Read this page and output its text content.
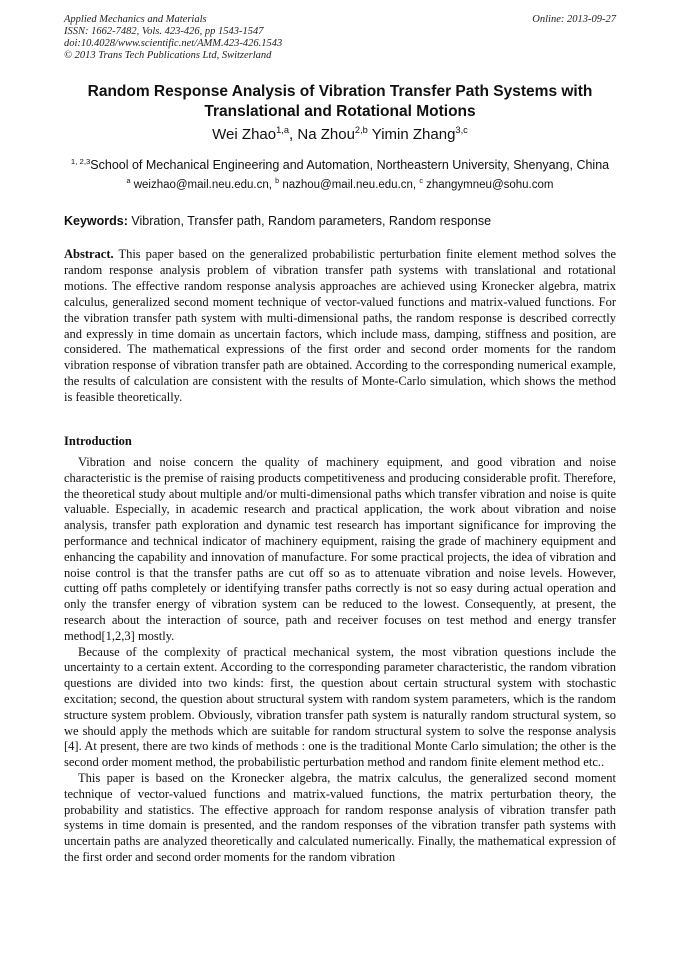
Applied Mechanics and Materials
ISSN: 1662-7482, Vols. 423-426, pp 1543-1547
doi:10.4028/www.scientific.net/AMM.423-426.1543
© 2013 Trans Tech Publications Ltd, Switzerland
Online: 2013-09-27
Random Response Analysis of Vibration Transfer Path Systems with
Translational and Rotational Motions
Wei Zhao$^{1,a}$, Na Zhou$^{2,b}$ Yimin Zhang$^{3,c}$
$^{1, 2,3}$School of Mechanical Engineering and Automation, Northeastern University, Shenyang, China
$^a$ weizhao@mail.neu.edu.cn, $^b$ nazhou@mail.neu.edu.cn, $^c$ zhangymneu@sohu.com
Keywords: Vibration, Transfer path, Random parameters, Random response
Abstract. This paper based on the generalized probabilistic perturbation finite element method solves the random response analysis problem of vibration transfer path systems with translational and rotational motions. The effective random response analysis approaches are achieved using Kronecker algebra, matrix calculus, generalized second moment technique of vector-valued functions and matrix-valued functions. For the vibration transfer path system with multi-dimensional paths, the random response is described correctly and expressly in time domain as uncertain factors, which include mass, damping, stiffness and position, are considered. The mathematical expressions of the first order and second order moments for the random vibration response of vibration transfer path are obtained. According to the corresponding numerical example, the results of calculation are consistent with the results of Monte-Carlo simulation, which shows the method is feasible theoretically.
Introduction

Vibration and noise concern the quality of machinery equipment, and good vibration and noise characteristic is the premise of raising products competitiveness and producing considerable profit. Therefore, the theoretical study about multiple and/or multi-dimensional paths which transfer vibration and noise is quite valuable. Especially, in academic research and practical application, the work about vibration and noise analysis, transfer path exploration and dynamic test research has important significance for improving the performance and technical indicator of machinery equipment, raising the grade of machinery equipment and enhancing the capability and innovation of manufacture. For some practical projects, the idea of vibration and noise control is that the transfer paths are cut off so as to attenuate vibration and noise levels. However, cutting off paths completely or identifying transfer paths correctly is not so easy during actual operation and only the transfer energy of vibration system can be reduced to the lowest. Consequently, at present, the research about the interaction of source, path and receiver focuses on test method and energy transfer method[1,2,3] mostly.

Because of the complexity of practical mechanical system, the most vibration questions include the uncertainty to a certain extent. According to the corresponding parameter characteristic, the random vibration questions are divided into two kinds: first, the question about certain structural system with stochastic excitation; second, the question about structural system with random system parameters, which is the random structure system problem. Obviously, vibration transfer path system is naturally random structural system, so we should apply the methods which are suitable for random structural system to solve the response analysis [4]. At present, there are two kinds of methods : one is the traditional Monte Carlo simulation; the other is the second order moment method, the probabilistic perturbation method and random finite element method etc..

This paper is based on the Kronecker algebra, the matrix calculus, the generalized second moment technique of vector-valued functions and matrix-valued functions, the matrix perturbation theory, the probability and statistics. The effective approach for random response analysis of vibration transfer path systems in time domain is presented, and the random responses of the vibration transfer path systems with uncertain paths are analyzed theoretically and calculated numerically. Finally, the mathematical expression of the first order and second order moments for the random vibration
